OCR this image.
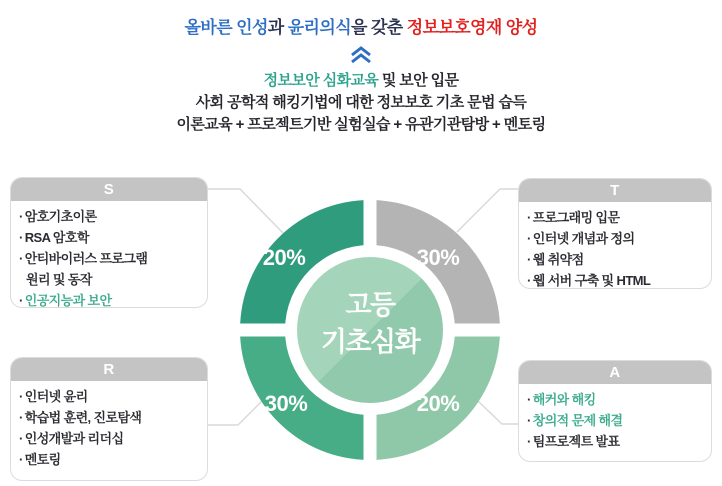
올바른 인성과 윤리의식을 갖춘 정보보호영재 양성
정보보안 심화교육 및 보안 입문
사회 공학적 해킹기법에 대한 정보보호 기초 문법 습득
이론교육 + 프로젝트기반 실험실습 + 유관기관탐방 + 멘토링
S
· 암호기초이론
· RSA 암호학
· 안티바이러스 프로그램
원리 및 동작
· 인공지능과 보안
T
· 프로그래밍 입문
· 인터넷 개념과 정의
· 웹 취약점
· 웹 서버 구축 및 HTML
R
· 인터넷 윤리
· 학습법 훈련, 진로탐색
· 인성개발과 리더십
· 멘토링
A
· 해커와 해킹
· 창의적 문제 해결
· 팀프로젝트 발표
20%	30%
20%
30%
고등
기초심화
